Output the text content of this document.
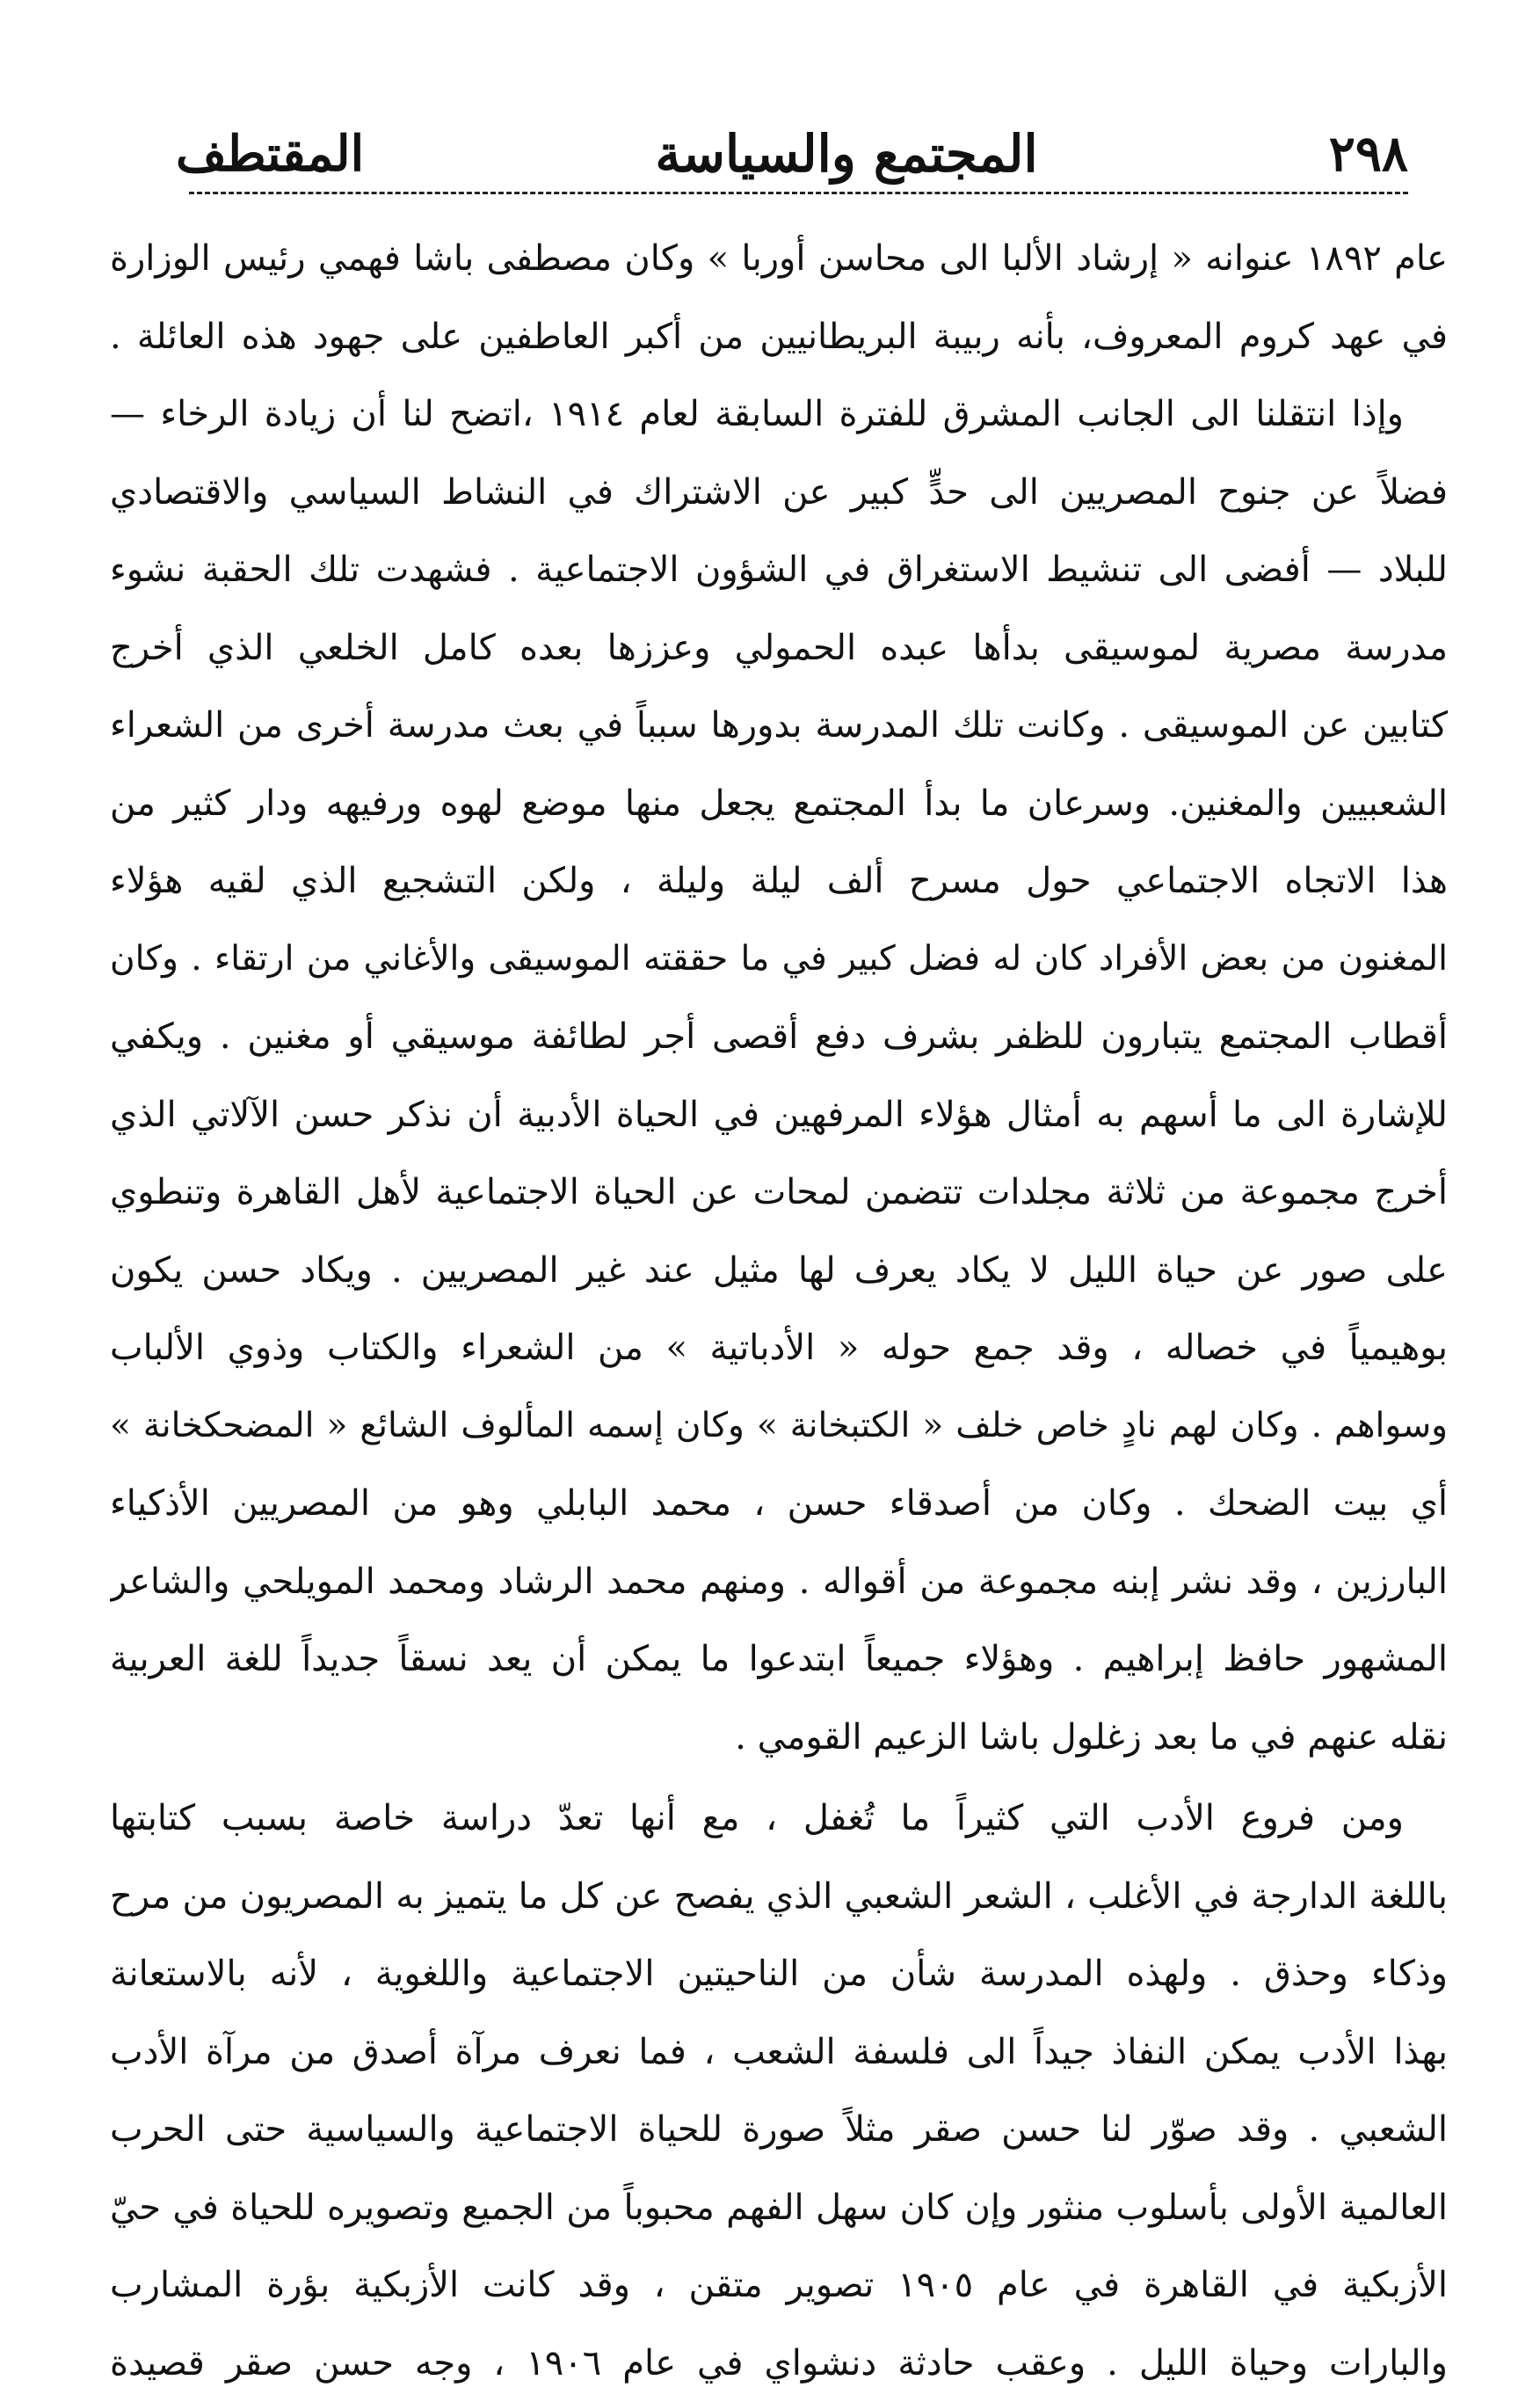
٢٩٨
المجتمع والسياسة
المقتطف
عام ١٨٩٢ عنوانه « إرشاد الألبا الى محاسن أوربا » وكان مصطفى باشا فهمي رئيس الوزارة
في عهد كروم المعروف، بأنه ربيبة البريطانيين من أكبر العاطفين على جهود هذه العائلة .
وإذا انتقلنا الى الجانب المشرق للفترة السابقة لعام ١٩١٤ ،اتضح لنا أن زيادة الرخاء —
فضلاً عن جنوح المصريين الى حدٍّ كبير عن الاشتراك في النشاط السياسي والاقتصادي
للبلاد — أفضى الى تنشيط الاستغراق في الشؤون الاجتماعية . فشهدت تلك الحقبة نشوء
مدرسة مصرية لموسيقى بدأها عبده الحمولي وعززها بعده كامل الخلعي الذي أخرج
كتابين عن الموسيقى . وكانت تلك المدرسة بدورها سبباً في بعث مدرسة أخرى من الشعراء
الشعبيين والمغنين. وسرعان ما بدأ المجتمع يجعل منها موضع لهوه ورفيهه ودار كثير من
هذا الاتجاه الاجتماعي حول مسرح ألف ليلة وليلة ، ولكن التشجيع الذي لقيه هؤلاء
المغنون من بعض الأفراد كان له فضل كبير في ما حققته الموسيقى والأغاني من ارتقاء . وكان
أقطاب المجتمع يتبارون للظفر بشرف دفع أقصى أجر لطائفة موسيقي أو مغنين . ويكفي
للإشارة الى ما أسهم به أمثال هؤلاء المرفهين في الحياة الأدبية أن نذكر حسن الآلاتي الذي
أخرج مجموعة من ثلاثة مجلدات تتضمن لمحات عن الحياة الاجتماعية لأهل القاهرة وتنطوي
على صور عن حياة الليل لا يكاد يعرف لها مثيل عند غير المصريين . ويكاد حسن يكون
بوهيمياً في خصاله ، وقد جمع حوله « الأدباتية » من الشعراء والكتاب وذوي الألباب
وسواهم . وكان لهم نادٍ خاص خلف « الكتبخانة » وكان إسمه المألوف الشائع « المضحكخانة »
أي بيت الضحك . وكان من أصدقاء حسن ، محمد البابلي وهو من المصريين الأذكياء
البارزين ، وقد نشر إبنه مجموعة من أقواله . ومنهم محمد الرشاد ومحمد المويلحي والشاعر
المشهور حافظ إبراهيم . وهؤلاء جميعاً ابتدعوا ما يمكن أن يعد نسقاً جديداً للغة العربية
نقله عنهم في ما بعد زغلول باشا الزعيم القومي .
ومن فروع الأدب التي كثيراً ما تُغفل ، مع أنها تعدّ دراسة خاصة بسبب كتابتها
باللغة الدارجة في الأغلب ، الشعر الشعبي الذي يفصح عن كل ما يتميز به المصريون من مرح
وذكاء وحذق . ولهذه المدرسة شأن من الناحيتين الاجتماعية واللغوية ، لأنه بالاستعانة
بهذا الأدب يمكن النفاذ جيداً الى فلسفة الشعب ، فما نعرف مرآة أصدق من مرآة الأدب
الشعبي . وقد صوّر لنا حسن صقر مثلاً صورة للحياة الاجتماعية والسياسية حتى الحرب
العالمية الأولى بأسلوب منثور وإن كان سهل الفهم محبوباً من الجميع وتصويره للحياة في حيّ
الأزبكية في القاهرة في عام ١٩٠٥ تصوير متقن ، وقد كانت الأزبكية بؤرة المشارب
والبارات وحياة الليل . وعقب حادثة دنشواي في عام ١٩٠٦ ، وجه حسن صقر قصيدة
